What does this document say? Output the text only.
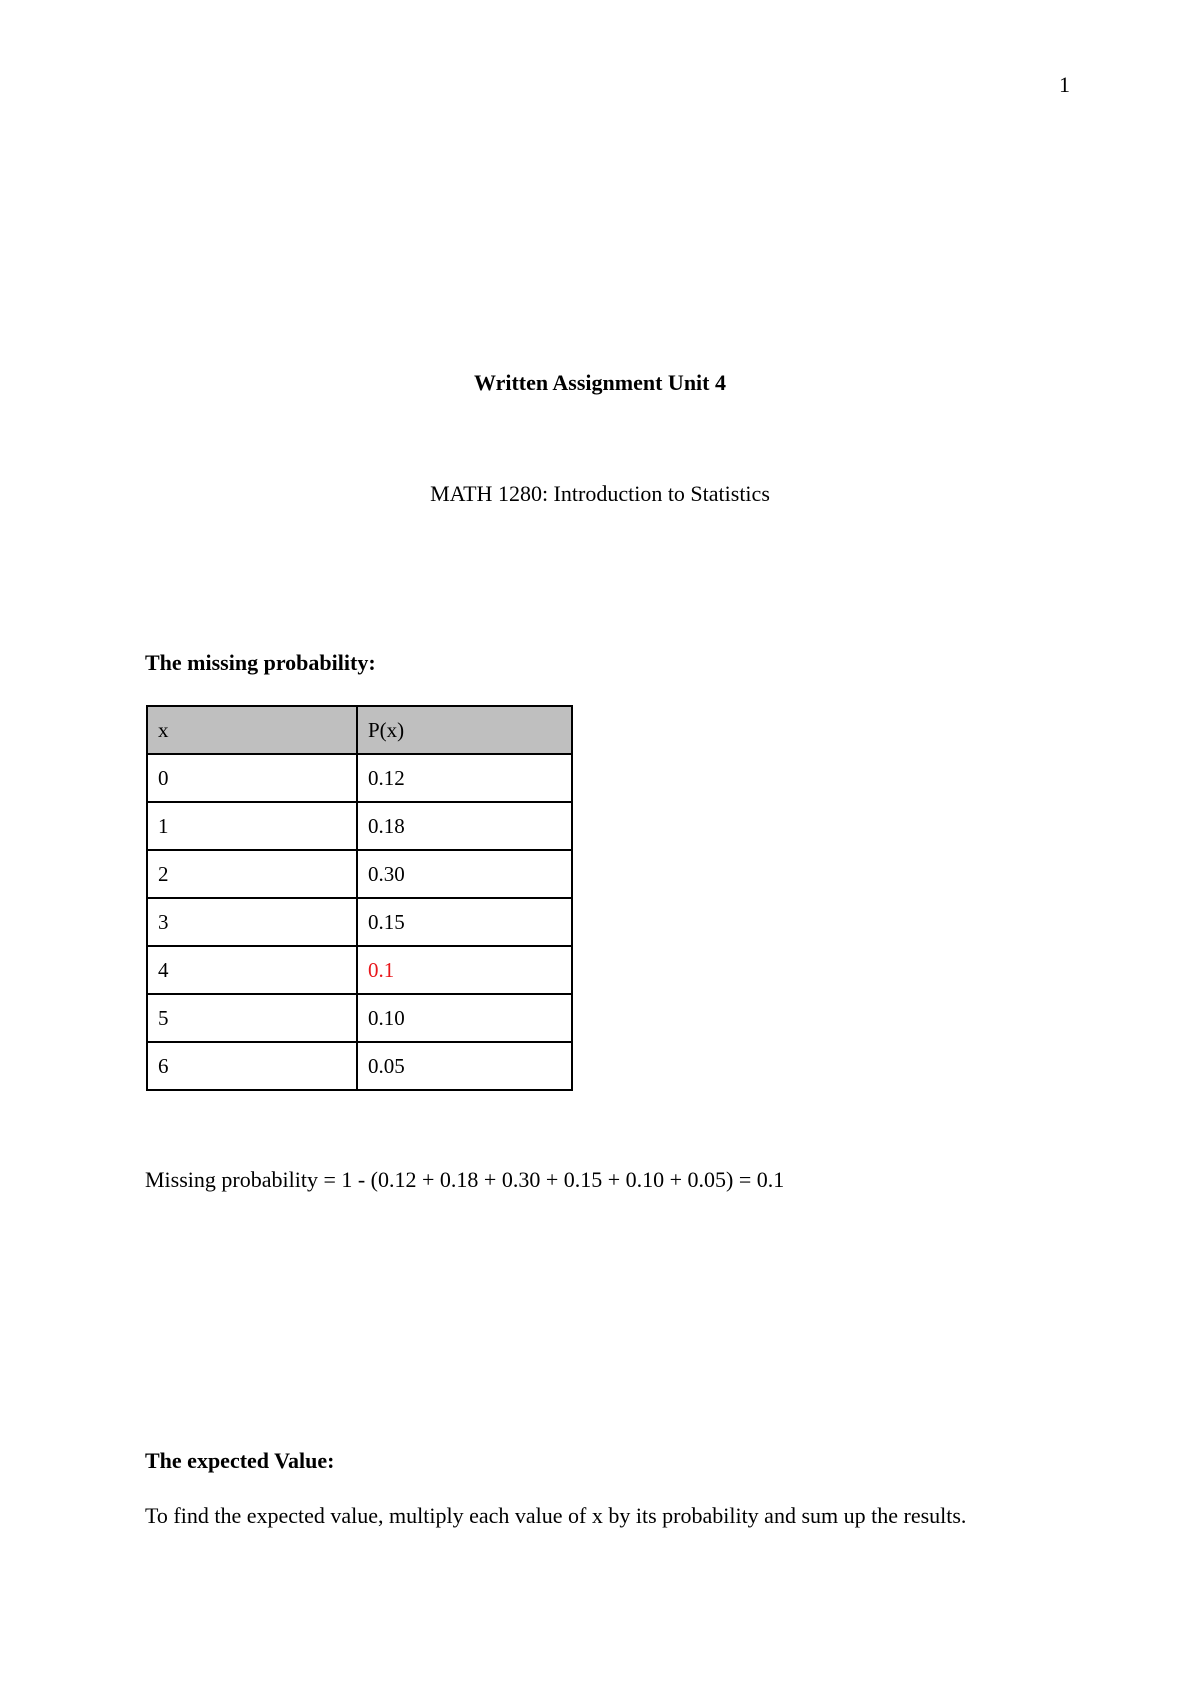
1
Written Assignment Unit 4
MATH 1280: Introduction to Statistics
The missing probability:
x	P(x)
0	0.12
1	0.18
2	0.30
3	0.15
4	0.1
5	0.10
6	0.05
Missing probability = 1 - (0.12 + 0.18 + 0.30 + 0.15 + 0.10 + 0.05) = 0.1
The expected Value:
To find the expected value, multiply each value of x by its probability and sum up the results.
